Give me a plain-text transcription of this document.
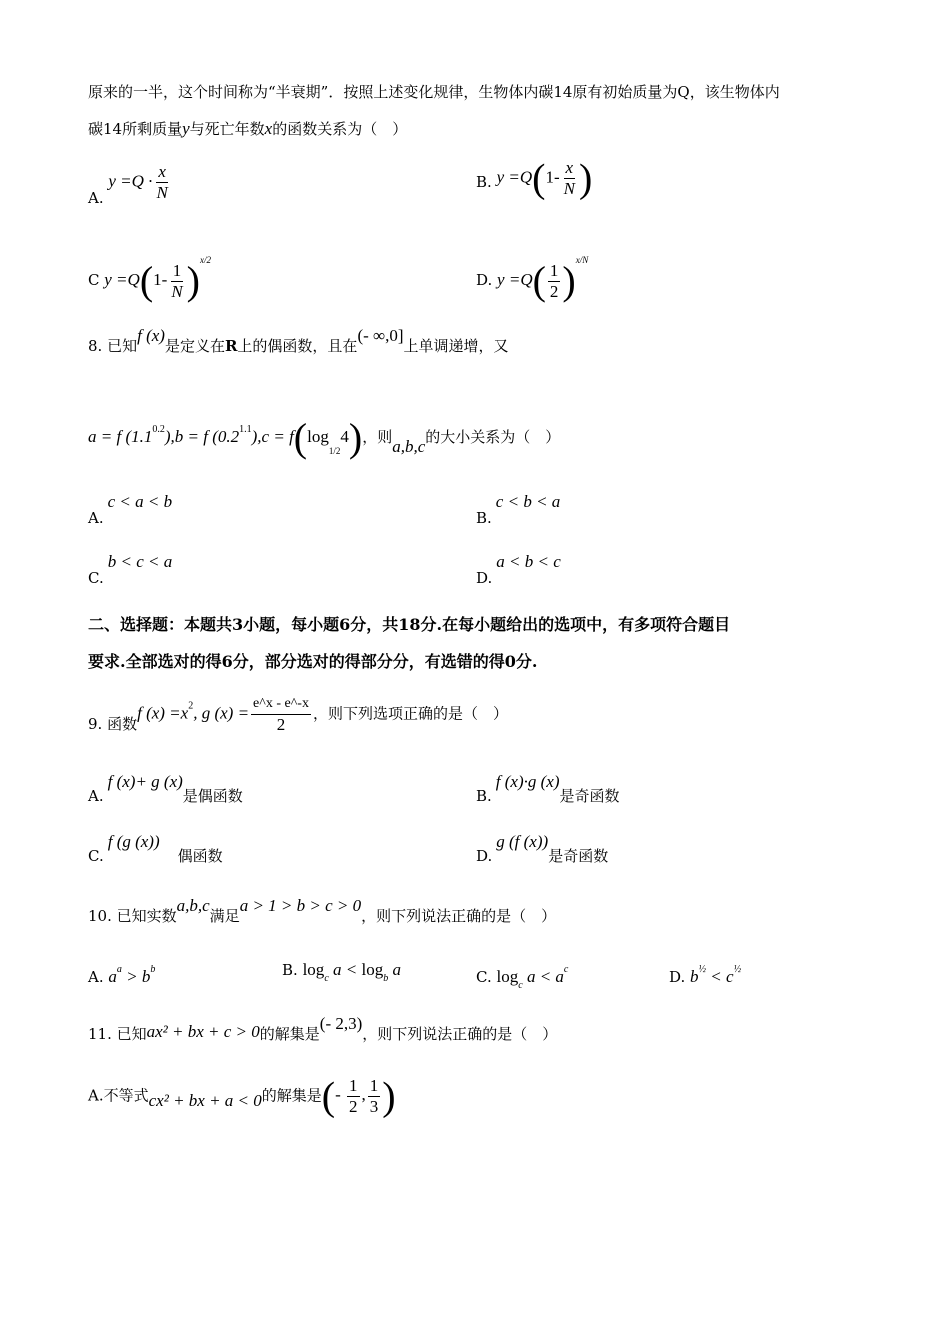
原来的一半，这个时间称为“半衰期”．按照上述变化规律，生物体内碳14原有初始质量为Q，该生物体内
碳14所剩质量y与死亡年数x的函数关系为（　）
A. $y =Q \cdot \frac{x}{N}$	B. $y =Q(1- \frac{x}{N}$ )
C $y =Q(1- \frac{1}{N} )^{x/2}$
D. $y =Q( \frac{1}{2} )^{x/N}$
8. 已知f (x)是定义在R上的偶函数，且在(- ∞,0]上单调递增，又
a = f $(1.1^{0.2}),b = f$ $(0.2^{1.1}),c = f(\log_{1/2}4)$，则a,b,c的大小关系为（　）
A.c < a < b
B.c < b < a
C.b < c < a
D.a < b < c
二、选择题：本题共3小题，每小题6分，共18分.在每小题给出的选项中，有多项符合题目
要求.全部选对的得6分，部分选对的得部分分，有选错的得0分.
9. 函数f $(x) =x^2$, g $(x) = \frac{e\^{}x - e\^{}-x}{2}$ ，则下列选项正确的是（　）
A.f (x)+ g (x)是偶函数	B.f (x)·g (x)是奇函数
C.f (g (x))偶函数	D.g (f (x))是奇函数
10. 已知实数a,b,c满足a > 1 > b > c > 0，则下列说法正确的是（　）
A. $a^a > b^b$	B. $\log_c a < \log_b a$	C. $\log_c a < a^c$	D. $b^{\frac{1}{2}} < c^{\frac{1}{2}}$
11. 已知ax² + bx + c > 0的解集是(- 2,3)，则下列说法正确的是（　）
A.不等式cx² + bx + a < 0的解集是(- $\frac{1}{2}$ , $\frac{1}{3}$ )
